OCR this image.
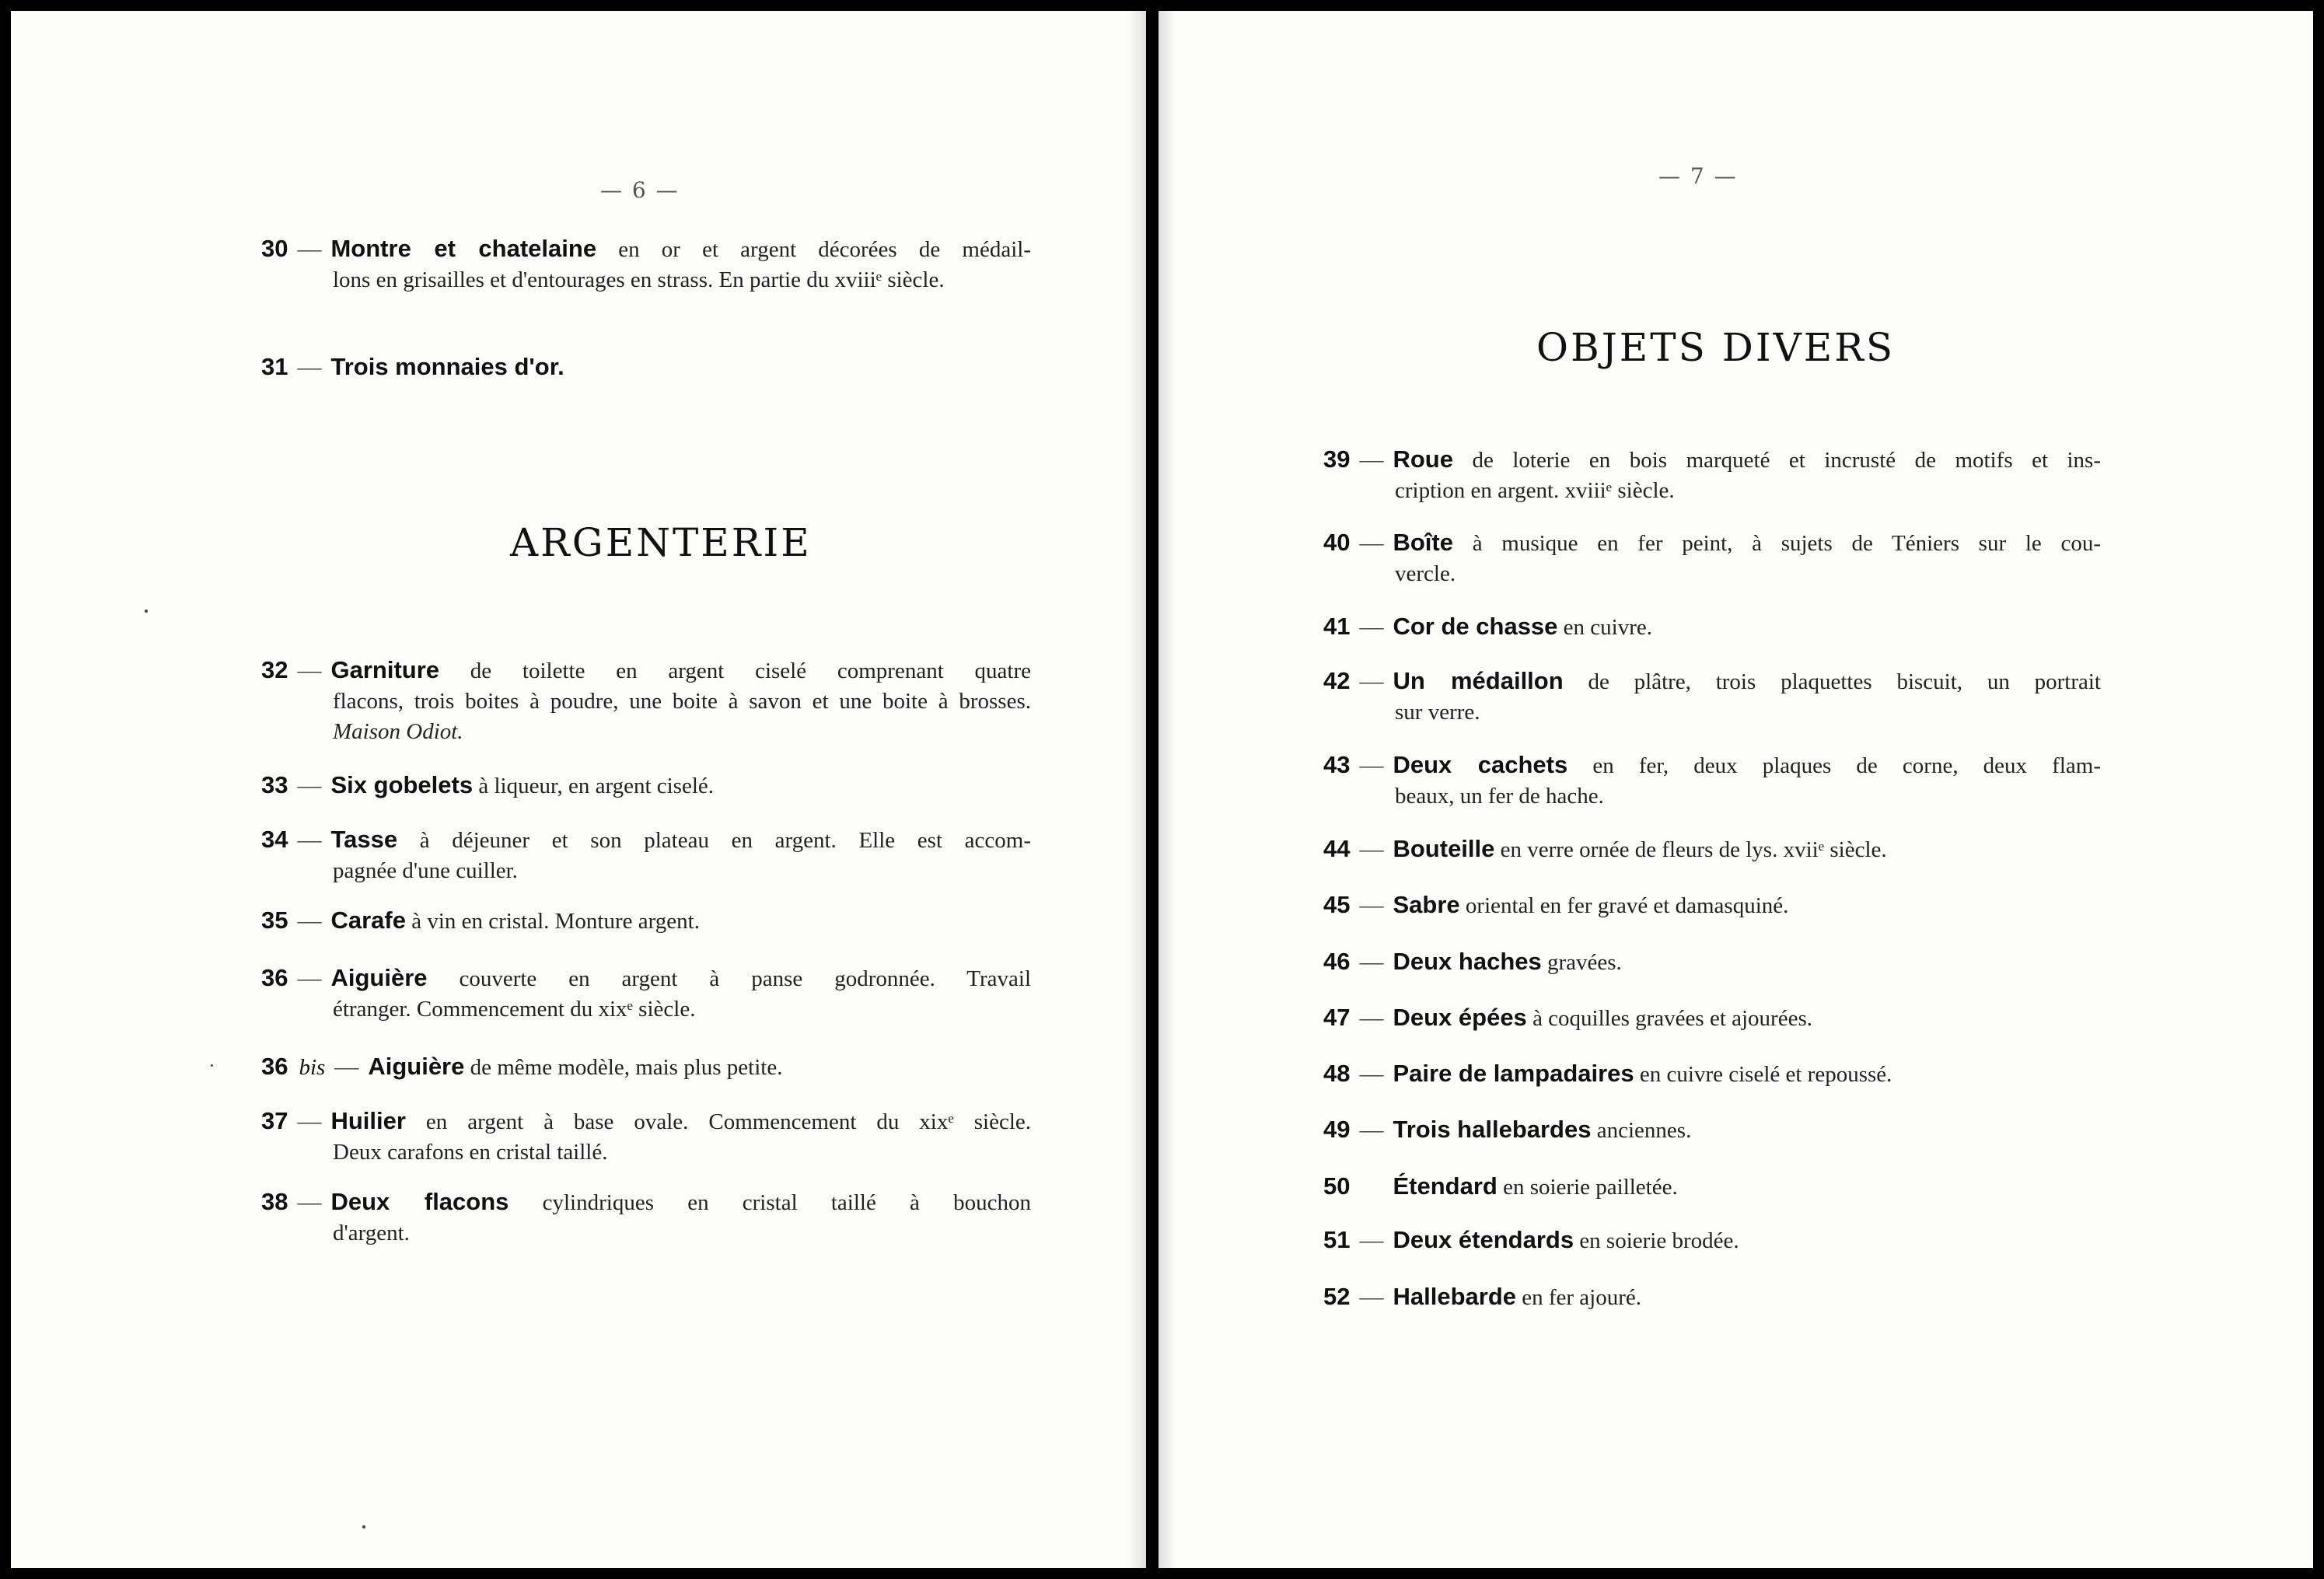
— 6 —
30 — Montre et chatelaine en or et argent décorées de médail-
lons en grisailles et d'entourages en strass. En partie du xviiiᵉ siècle.
31 — Trois monnaies d'or.
ARGENTERIE
32 — Garniture de toilette en argent ciselé comprenant quatre
flacons, trois boites à poudre, une boite à savon et une boite à brosses. Maison Odiot.
33 — Six gobelets à liqueur, en argent ciselé.
34 — Tasse à déjeuner et son plateau en argent. Elle est accom-
pagnée d'une cuiller.
35 — Carafe à vin en cristal. Monture argent.
36 — Aiguière couverte en argent à panse godronnée. Travail
étranger. Commencement du xixᵉ siècle.
36 bis — Aiguière de même modèle, mais plus petite.
37 — Huilier en argent à base ovale. Commencement du xixᵉ siècle.
Deux carafons en cristal taillé.
38 — Deux flacons cylindriques en cristal taillé à bouchon
d'argent.
— 7 —
OBJETS DIVERS
39 — Roue de loterie en bois marqueté et incrusté de motifs et ins-
cription en argent. xviiiᵉ siècle.
40 — Boîte à musique en fer peint, à sujets de Téniers sur le cou-
vercle.
41 — Cor de chasse en cuivre.
42 — Un médaillon de plâtre, trois plaquettes biscuit, un portrait
sur verre.
43 — Deux cachets en fer, deux plaques de corne, deux flam-
beaux, un fer de hache.
44 — Bouteille en verre ornée de fleurs de lys. xviiᵉ siècle.
45 — Sabre oriental en fer gravé et damasquiné.
46 — Deux haches gravées.
47 — Deux épées à coquilles gravées et ajourées.
48 — Paire de lampadaires en cuivre ciselé et repoussé.
49 — Trois hallebardes anciennes.
50 Étendard en soierie pailletée.
51 — Deux étendards en soierie brodée.
52 — Hallebarde en fer ajouré.
